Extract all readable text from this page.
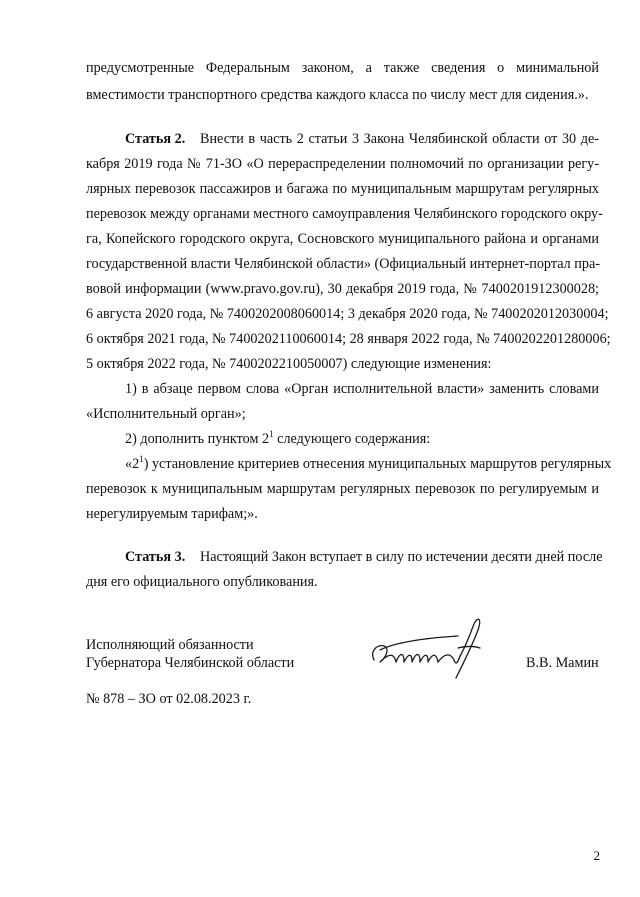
предусмотренные Федеральным законом, а также сведения о минимальной
вместимости транспортного средства каждого класса по числу мест для сидения.».
Статья 2. Внести в часть 2 статьи 3 Закона Челябинской области от 30 де-
кабря 2019 года № 71-ЗО «О перераспределении полномочий по организации регу-
лярных перевозок пассажиров и багажа по муниципальным маршрутам регулярных
перевозок между органами местного самоуправления Челябинского городского окру-
га, Копейского городского округа, Сосновского муниципального района и органами
государственной власти Челябинской области» (Официальный интернет-портал пра-
вовой информации (www.pravo.gov.ru), 30 декабря 2019 года, № 7400201912300028;
6 августа 2020 года, № 7400202008060014; 3 декабря 2020 года, № 7400202012030004;
6 октября 2021 года, № 7400202110060014; 28 января 2022 года, № 7400202201280006;
5 октября 2022 года, № 7400202210050007) следующие изменения:
1) в абзаце первом слова «Орган исполнительной власти» заменить словами
«Исполнительный орган»;
2) дополнить пунктом $2^1$ следующего содержания:
«$2^1$) установление критериев отнесения муниципальных маршрутов регулярных
перевозок к муниципальным маршрутам регулярных перевозок по регулируемым и
нерегулируемым тарифам;».
Статья 3. Настоящий Закон вступает в силу по истечении десяти дней после
дня его официального опубликования.
Исполняющий обязанности
Губернатора Челябинской области	В.В. Мамин
№ 878 – ЗО от 02.08.2023 г.
2
